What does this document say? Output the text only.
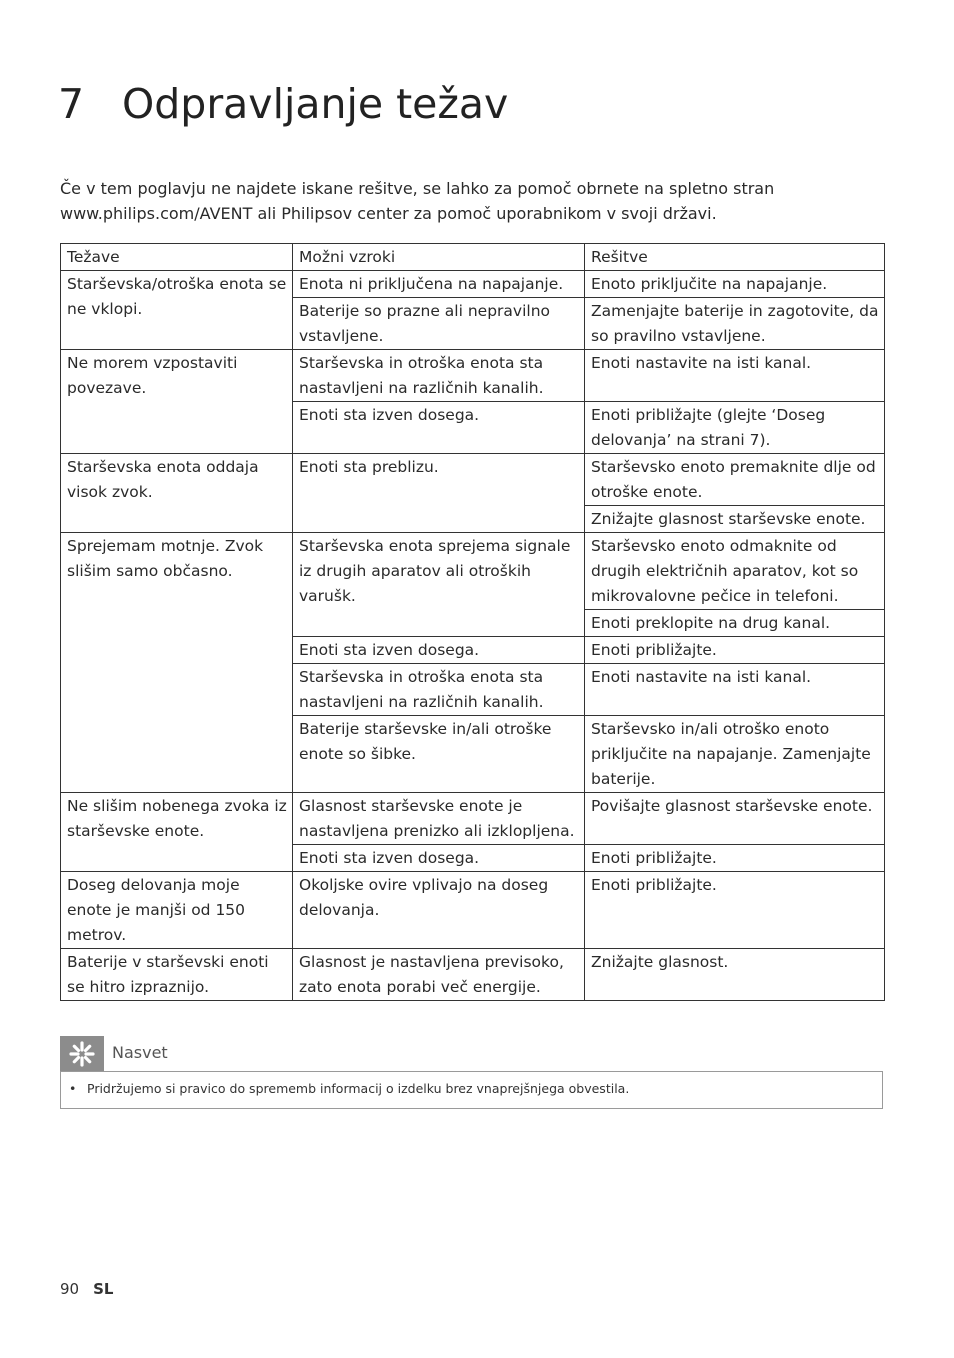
7 Odpravljanje težav

Če v tem poglavju ne najdete iskane rešitve, se lahko za pomoč obrnete na spletno stran www.philips.com/AVENT ali Philipsov center za pomoč uporabnikom v svoji državi.

Težave	Možni vzroki	Rešitve
Starševska/otroška enota se ne vklopi.	Enota ni priključena na napajanje.	Enoto priključite na napajanje.
	Baterije so prazne ali nepravilno vstavljene.	Zamenjajte baterije in zagotovite, da so pravilno vstavljene.
Ne morem vzpostaviti povezave.	Starševska in otroška enota sta nastavljeni na različnih kanalih.	Enoti nastavite na isti kanal.
	Enoti sta izven dosega.	Enoti približajte (glejte ‘Doseg delovanja’ na strani 7).
Starševska enota oddaja visok zvok.	Enoti sta preblizu.	Starševsko enoto premaknite dlje od otroške enote.
		Znižajte glasnost starševske enote.
Sprejemam motnje. Zvok slišim samo občasno.	Starševska enota sprejema signale iz drugih aparatov ali otroških varušk.	Starševsko enoto odmaknite od drugih električnih aparatov, kot so mikrovalovne pečice in telefoni.
		Enoti preklopite na drug kanal.
	Enoti sta izven dosega.	Enoti približajte.
	Starševska in otroška enota sta nastavljeni na različnih kanalih.	Enoti nastavite na isti kanal.
	Baterije starševske in/ali otroške enote so šibke.	Starševsko in/ali otroško enoto priključite na napajanje. Zamenjajte baterije.
Ne slišim nobenega zvoka iz starševske enote.	Glasnost starševske enote je nastavljena prenizko ali izklopljena.	Povišajte glasnost starševske enote.
	Enoti sta izven dosega.	Enoti približajte.
Doseg delovanja moje enote je manjši od 150 metrov.	Okoljske ovire vplivajo na doseg delovanja.	Enoti približajte.
Baterije v starševski enoti se hitro izpraznijo.	Glasnost je nastavljena previsoko, zato enota porabi več energije.	Znižajte glasnost.
Nasvet
• Pridržujemo si pravico do sprememb informacij o izdelku brez vnaprejšnjega obvestila.
90 SL
